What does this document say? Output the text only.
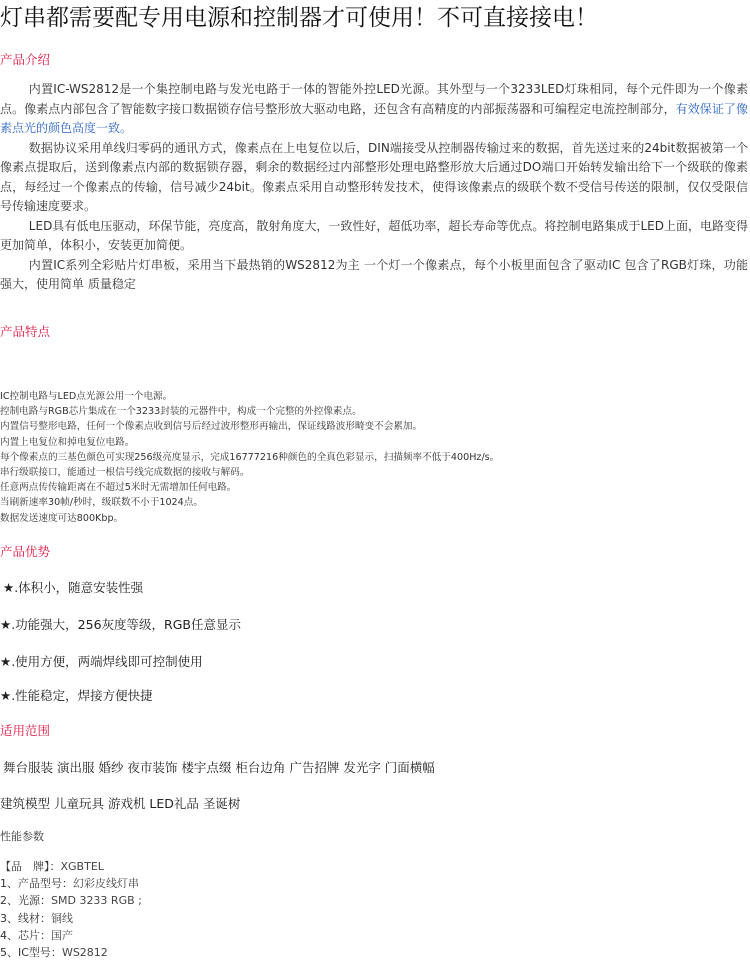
灯串都需要配专用电源和控制器才可使用！不可直接接电！
产品介绍

内置IC-WS2812是一个集控制电路与发光电路于一体的智能外控LED光源。其外型与一个3233LED灯珠相同，每个元件即为一个像素点。像素点内部包含了智能数字接口数据锁存信号整形放大驱动电路，还包含有高精度的内部振荡器和可编程定电流控制部分，有效保证了像素点光的颜色高度一致。

数据协议采用单线归零码的通讯方式，像素点在上电复位以后，DIN端接受从控制器传输过来的数据，首先送过来的24bit数据被第一个像素点提取后，送到像素点内部的数据锁存器，剩余的数据经过内部整形处理电路整形放大后通过DO端口开始转发输出给下一个级联的像素点，每经过一个像素点的传输，信号减少24bit。像素点采用自动整形转发技术，使得该像素点的级联个数不受信号传送的限制，仅仅受限信号传输速度要求。

LED具有低电压驱动，环保节能，亮度高，散射角度大，一致性好，超低功率，超长寿命等优点。将控制电路集成于LED上面，电路变得更加简单，体积小，安装更加简便。

内置IC系列全彩贴片灯串板，采用当下最热销的WS2812为主 一个灯一个像素点，每个小板里面包含了驱动IC 包含了RGB灯珠，功能强大，使用简单 质量稳定

产品特点
IC控制电路与LED点光源公用一个电源。
控制电路与RGB芯片集成在一个3233封装的元器件中，构成一个完整的外控像素点。
内置信号整形电路，任何一个像素点收到信号后经过波形整形再输出，保证线路波形畸变不会累加。
内置上电复位和掉电复位电路。
每个像素点的三基色颜色可实现256级亮度显示，完成16777216种颜色的全真色彩显示，扫描频率不低于400Hz/s。
串行级联接口，能通过一根信号线完成数据的接收与解码。
任意两点传传输距离在不超过5米时无需增加任何电路。
当刷新速率30帧/秒时，级联数不小于1024点。
数据发送速度可达800Kbp。
产品优势
★.体积小，随意安装性强
★.功能强大，256灰度等级，RGB任意显示
★.使用方便，两端焊线即可控制使用
★.性能稳定，焊接方便快捷
适用范围
舞台服装 演出服 婚纱 夜市装饰 楼宇点缀 柜台边角 广告招牌 发光字 门面横幅
建筑模型 儿童玩具 游戏机 LED礼品 圣诞树
性能参数
【品　牌】：XGBTEL
1、产品型号：幻彩皮线灯串
2、光源：SMD 3233 RGB ;
3、线材：铜线
4、芯片：国产
5、IC型号：WS2812
